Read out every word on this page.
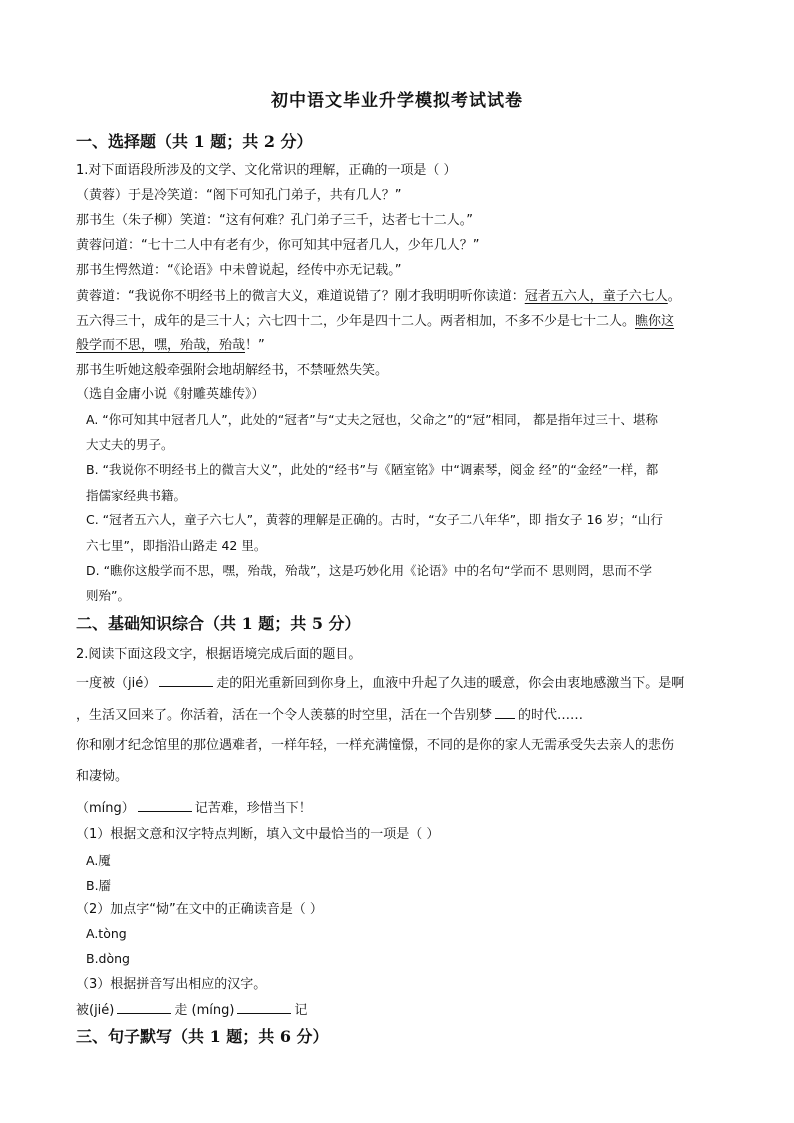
初中语文毕业升学模拟考试试卷
一、选择题（共 1 题；共 2 分）
1.对下面语段所涉及的文学、文化常识的理解，正确的一项是（ ）
（黄蓉）于是冷笑道：“阁下可知孔门弟子，共有几人？”
那书生（朱子柳）笑道：“这有何难？孔门弟子三千，达者七十二人。”
黄蓉问道：“七十二人中有老有少，你可知其中冠者几人，少年几人？”
那书生愕然道：“《论语》中未曾说起，经传中亦无记载。”
黄蓉道：“我说你不明经书上的微言大义，难道说错了？刚才我明明听你读道：冠者五六人，童子六七人。
五六得三十，成年的是三十人；六七四十二，少年是四十二人。两者相加，不多不少是七十二人。瞧你这
般学而不思，嘿，殆哉，殆哉！”
那书生听她这般牵强附会地胡解经书，不禁哑然失笑。
（选自金庸小说《射雕英雄传》）
A. “你可知其中冠者几人”，此处的“冠者”与“丈夫之冠也，父命之”的“冠”相同， 都是指年过三十、堪称
大丈夫的男子。
B. “我说你不明经书上的微言大义”，此处的“经书”与《陋室铭》中“调素琴，阅金 经”的“金经”一样，都
指儒家经典书籍。
C. “冠者五六人，童子六七人”，黄蓉的理解是正确的。古时，“女子二八年华”，即 指女子 16 岁；“山行
六七里”，即指沿山路走 42 里。
D. “瞧你这般学而不思，嘿，殆哉，殆哉”，这是巧妙化用《论语》中的名句“学而不 思则罔，思而不学
则殆”。
二、基础知识综合（共 1 题；共 5 分）
2.阅读下面这段文字，根据语境完成后面的题目。
一度被（jié）	走的阳光重新回到你身上，血液中升起了久违的暖意，你会由衷地感激当下。是啊
，生活又回来了。你活着，活在一个令人羡慕的时空里，活在一个告别梦 的时代……
你和刚才纪念馆里的那位遇难者，一样年轻，一样充满憧憬，不同的是你的家人无需承受失去亲人的悲伤
和凄恸。
（míng）	记苦难，珍惜当下！
（1）根据文意和汉字特点判断，填入文中最恰当的一项是（ ）
A.魇
B.靥
（2）加点字“恸”在文中的正确读音是（ ）
A.tòng
B.dòng
（3）根据拼音写出相应的汉字。
被(jié)	走 (míng)	记
三、句子默写（共 1 题；共 6 分）
